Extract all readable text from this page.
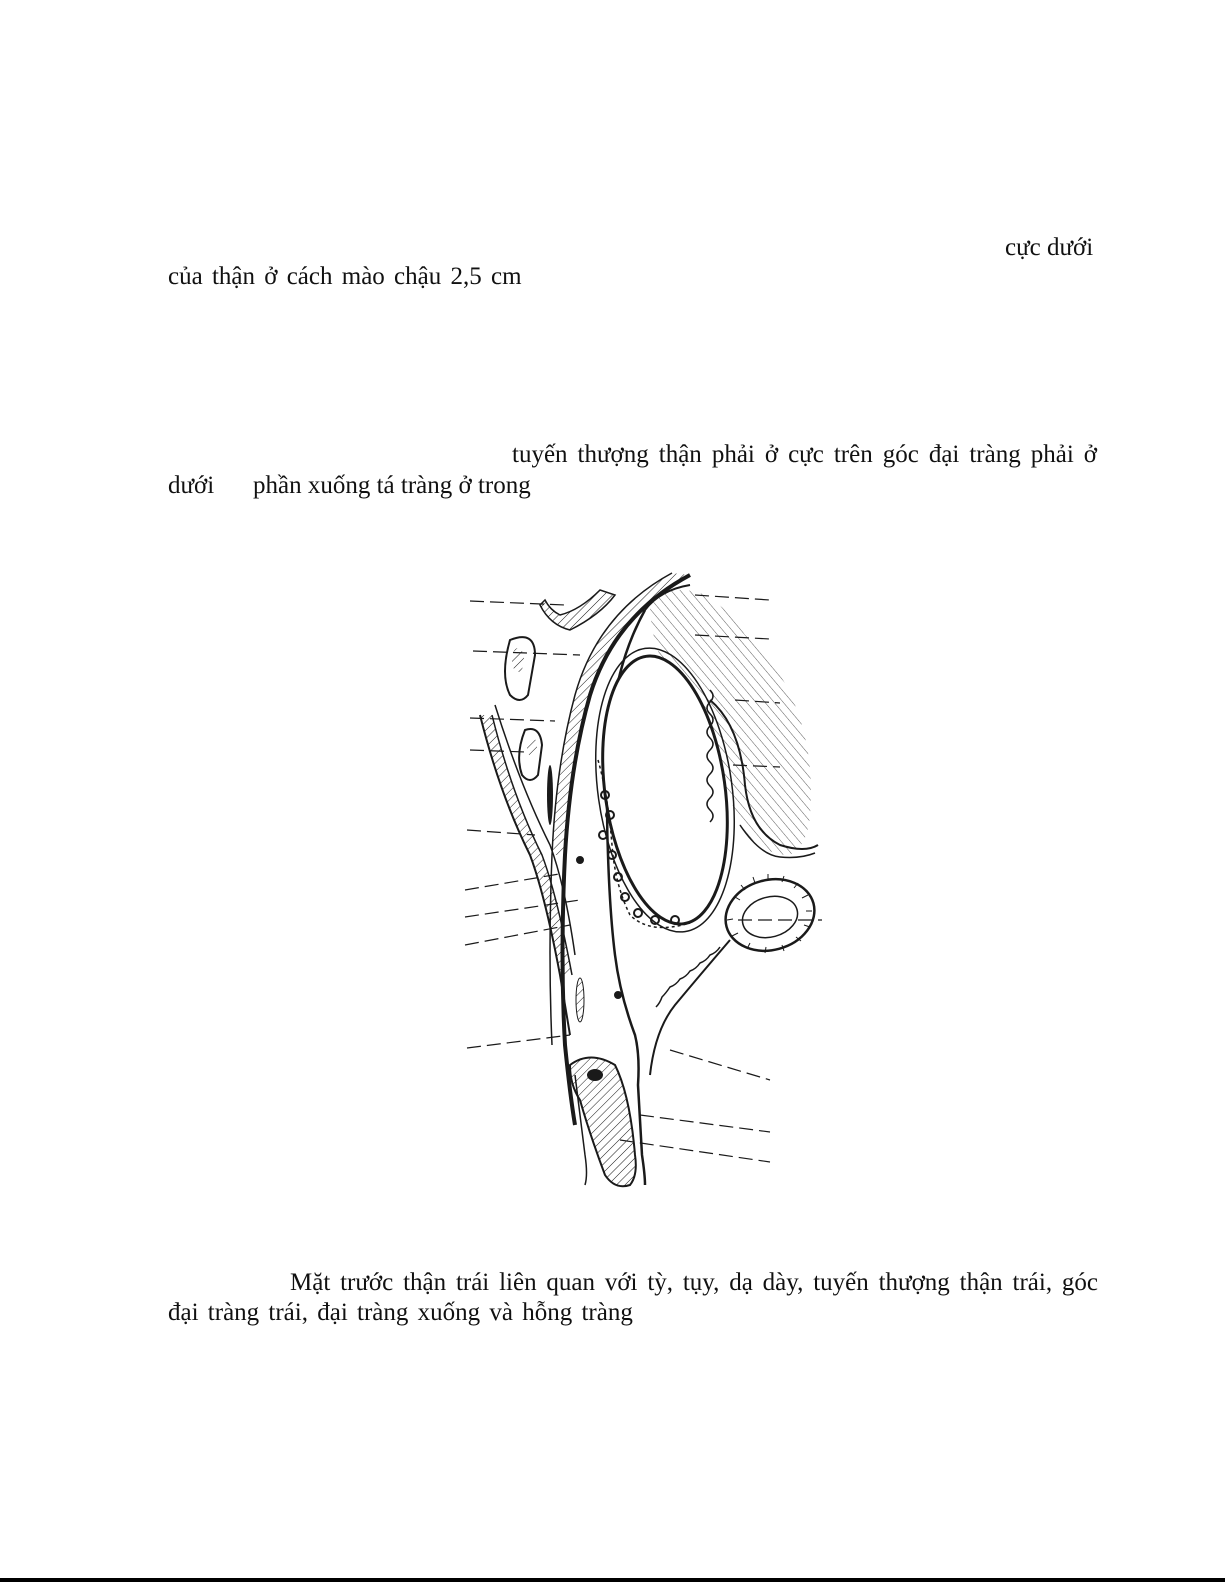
cực dưới
của thận ở cách mào chậu 2,5 cm
tuyến thượng thận phải ở cực trên góc đại tràng phải ở
dưới phần xuống tá tràng ở trong
Mặt trước thận trái liên quan với tỳ, tụy, dạ dày, tuyến thượng thận trái, góc
đại tràng trái, đại tràng xuống và hỗng tràng
